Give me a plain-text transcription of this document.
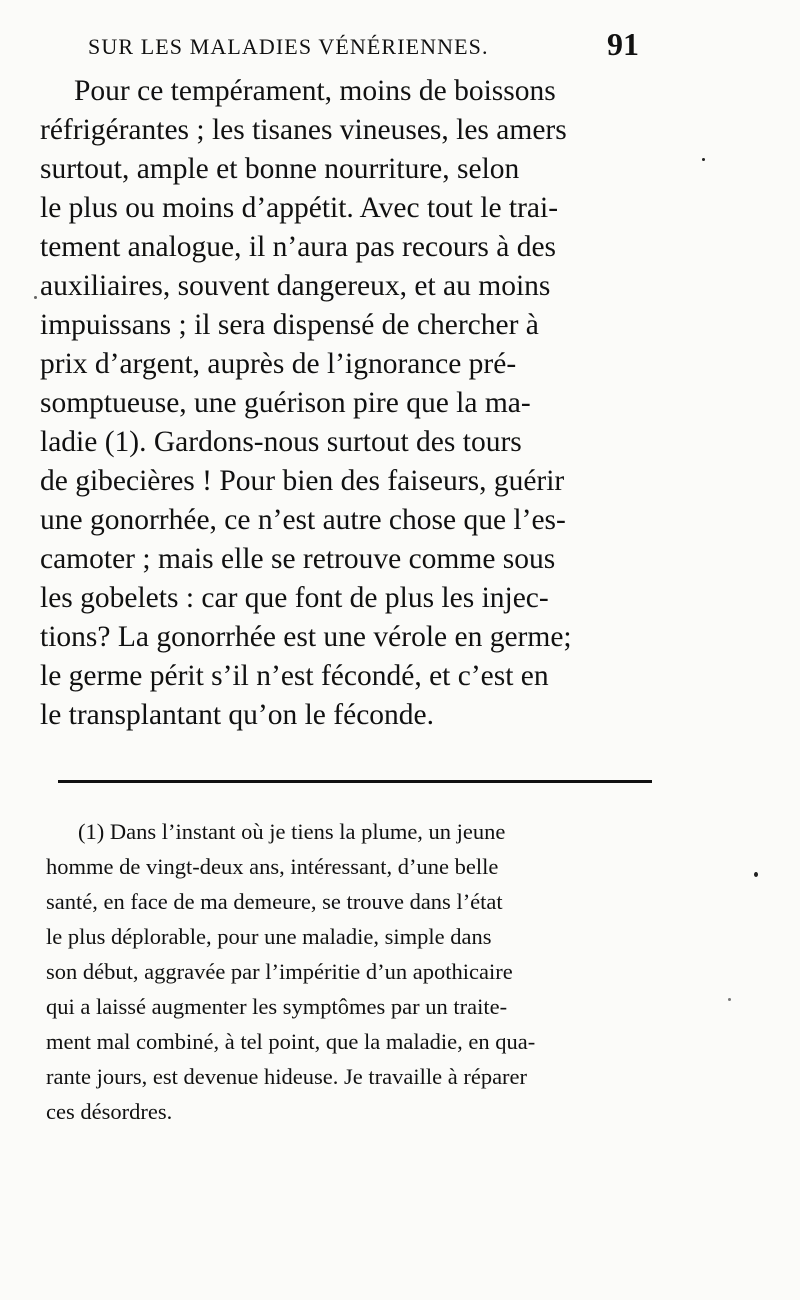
SUR LES MALADIES VÉNÉRIENNES.	91
Pour ce tempérament, moins de boissons
réfrigérantes ; les tisanes vineuses, les amers
surtout, ample et bonne nourriture, selon
le plus ou moins d’appétit. Avec tout le trai-
tement analogue, il n’aura pas recours à des
auxiliaires, souvent dangereux, et au moins
impuissans ; il sera dispensé de chercher à
prix d’argent, auprès de l’ignorance pré-
somptueuse, une guérison pire que la ma-
ladie (1). Gardons-nous surtout des tours
de gibecières ! Pour bien des faiseurs, guérir
une gonorrhée, ce n’est autre chose que l’es-
camoter ; mais elle se retrouve comme sous
les gobelets : car que font de plus les injec-
tions? La gonorrhée est une vérole en germe;
le germe périt s’il n’est fécondé, et c’est en
le transplantant qu’on le féconde.
(1) Dans l’instant où je tiens la plume, un jeune
homme de vingt-deux ans, intéressant, d’une belle
santé, en face de ma demeure, se trouve dans l’état
le plus déplorable, pour une maladie, simple dans
son début, aggravée par l’impéritie d’un apothicaire
qui a laissé augmenter les symptômes par un traite-
ment mal combiné, à tel point, que la maladie, en qua-
rante jours, est devenue hideuse. Je travaille à réparer
ces désordres.
